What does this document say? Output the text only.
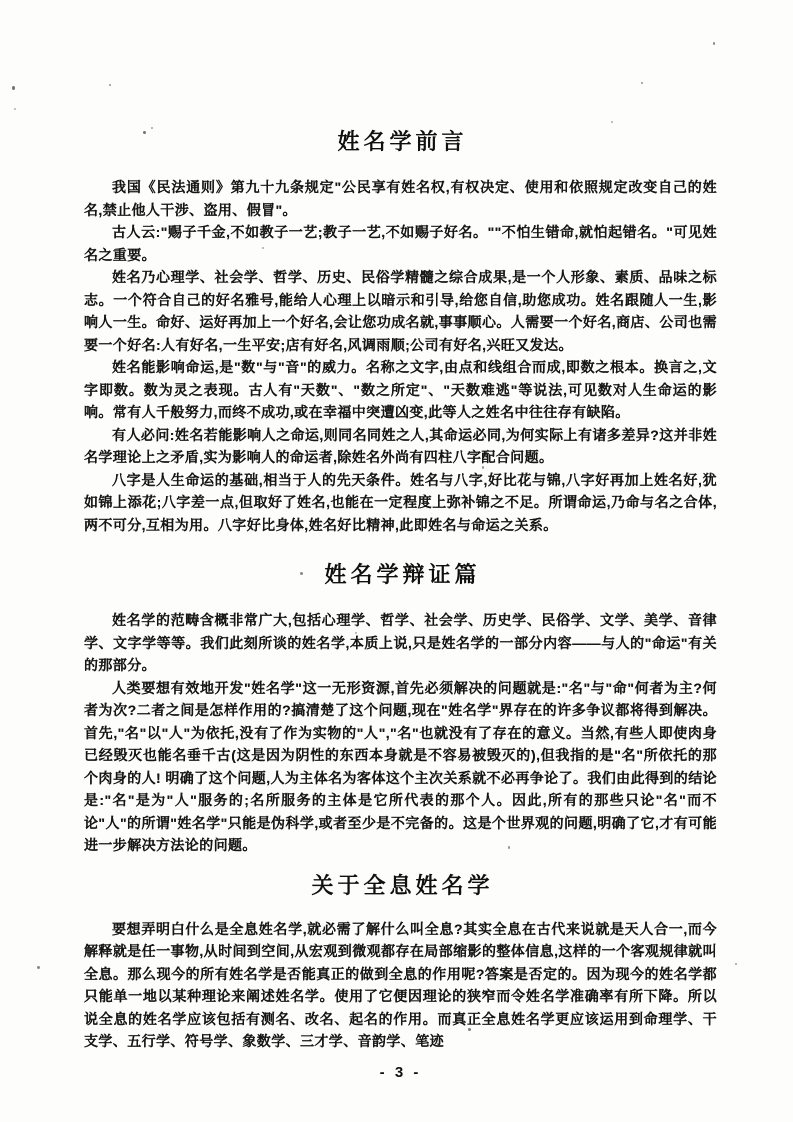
姓名学前言

我国《民法通则》第九十九条规定"公民享有姓名权,有权决定、使用和依照规定改变自己的姓名,禁止他人干涉、盗用、假冒"。

古人云:"赐子千金,不如教子一艺;教子一艺,不如赐子好名。""不怕生错命,就怕起错名。"可见姓名之重要。

姓名乃心理学、社会学、哲学、历史、民俗学精髓之综合成果,是一个人形象、素质、品味之标志。一个符合自己的好名雅号,能给人心理上以暗示和引导,给您自信,助您成功。姓名跟随人一生,影响人一生。命好、运好再加上一个好名,会让您功成名就,事事顺心。人需要一个好名,商店、公司也需要一个好名:人有好名,一生平安;店有好名,风调雨顺;公司有好名,兴旺又发达。

姓名能影响命运,是"数"与"音"的威力。名称之文字,由点和线组合而成,即数之根本。换言之,文字即数。数为灵之表现。古人有"天数"、"数之所定"、"天数难逃"等说法,可见数对人生命运的影响。常有人千般努力,而终不成功,或在幸福中突遭凶变,此等人之姓名中往往存有缺陷。

有人必问:姓名若能影响人之命运,则同名同姓之人,其命运必同,为何实际上有诸多差异?这并非姓名学理论上之矛盾,实为影响人的命运者,除姓名外尚有四柱八字配合问题。

八字是人生命运的基础,相当于人的先天条件。姓名与八字,好比花与锦,八字好再加上姓名好,犹如锦上添花;八字差一点,但取好了姓名,也能在一定程度上弥补锦之不足。所谓命运,乃命与名之合体,两不可分,互相为用。八字好比身体,姓名好比精神,此即姓名与命运之关系。

姓名学辩证篇

姓名学的范畴含概非常广大,包括心理学、哲学、社会学、历史学、民俗学、文学、美学、音律学、文字学等等。我们此刻所谈的姓名学,本质上说,只是姓名学的一部分内容——与人的"命运"有关的那部分。

人类要想有效地开发"姓名学"这一无形资源,首先必须解决的问题就是:"名"与"命"何者为主?何者为次?二者之间是怎样作用的?搞清楚了这个问题,现在"姓名学"界存在的许多争议都将得到解决。首先,"名"以"人"为依托,没有了作为实物的"人","名"也就没有了存在的意义。当然,有些人即使肉身已经毁灭也能名垂千古(这是因为阴性的东西本身就是不容易被毁灭的),但我指的是"名"所依托的那个肉身的人! 明确了这个问题,人为主体名为客体这个主次关系就不必再争论了。我们由此得到的结论是:"名"是为"人"服务的;名所服务的主体是它所代表的那个人。因此,所有的那些只论"名"而不论"人"的所谓"姓名学"只能是伪科学,或者至少是不完备的。这是个世界观的问题,明确了它,才有可能进一步解决方法论的问题。

关于全息姓名学

要想弄明白什么是全息姓名学,就必需了解什么叫全息?其实全息在古代来说就是天人合一,而今解释就是任一事物,从时间到空间,从宏观到微观都存在局部缩影的整体信息,这样的一个客观规律就叫全息。那么现今的所有姓名学是否能真正的做到全息的作用呢?答案是否定的。因为现今的姓名学都只能单一地以某种理论来阐述姓名学。使用了它便因理论的狭窄而令姓名学准确率有所下降。所以说全息的姓名学应该包括有测名、改名、起名的作用。而真正全息姓名学更应该运用到命理学、干支学、五行学、符号学、象数学、三才学、音韵学、笔迹

- 3 -
